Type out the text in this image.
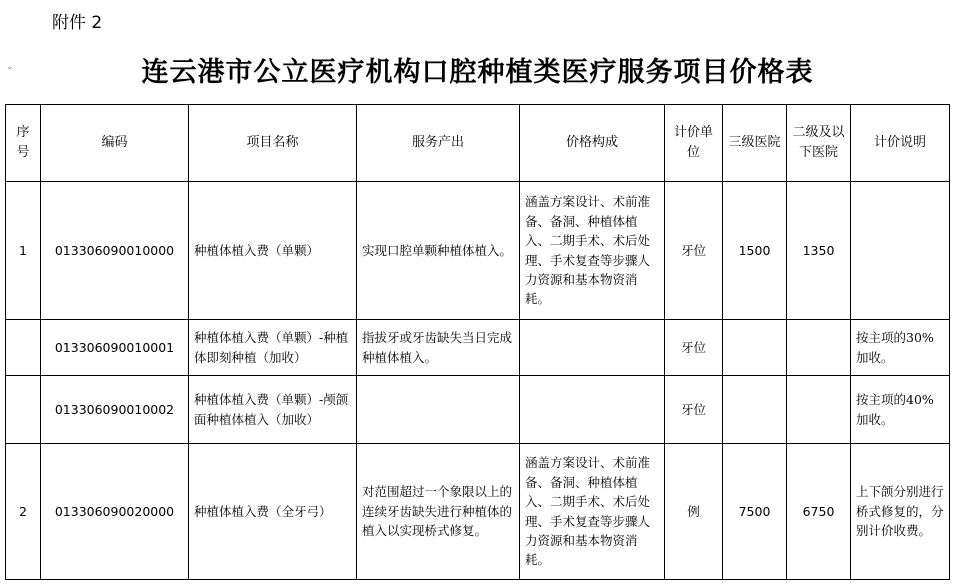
附件 2
⌄	连云港市公立医疗机构口腔种植类医疗服务项目价格表
序号	编码	项目名称	服务产出	价格构成	计价单位	三级医院	二级及以下医院	计价说明
1	013306090010000	种植体植入费（单颗）	实现口腔单颗种植体植入。	涵盖方案设计、术前准备、备洞、种植体植入、二期手术、术后处理、手术复查等步骤人力资源和基本物资消耗。	牙位	1500	1350	
	013306090010001	种植体植入费（单颗）-种植体即刻种植（加收）	指拔牙或牙齿缺失当日完成种植体植入。		牙位			按主项的30%加收。
	013306090010002	种植体植入费（单颗）-颅颌面种植体植入（加收）			牙位			按主项的40%加收。
2	013306090020000	种植体植入费（全牙弓）	对范围超过一个象限以上的连续牙齿缺失进行种植体的植入以实现桥式修复。	涵盖方案设计、术前准备、备洞、种植体植入、二期手术、术后处理、手术复查等步骤人力资源和基本物资消耗。	例	7500	6750	上下颌分别进行桥式修复的，分别计价收费。
